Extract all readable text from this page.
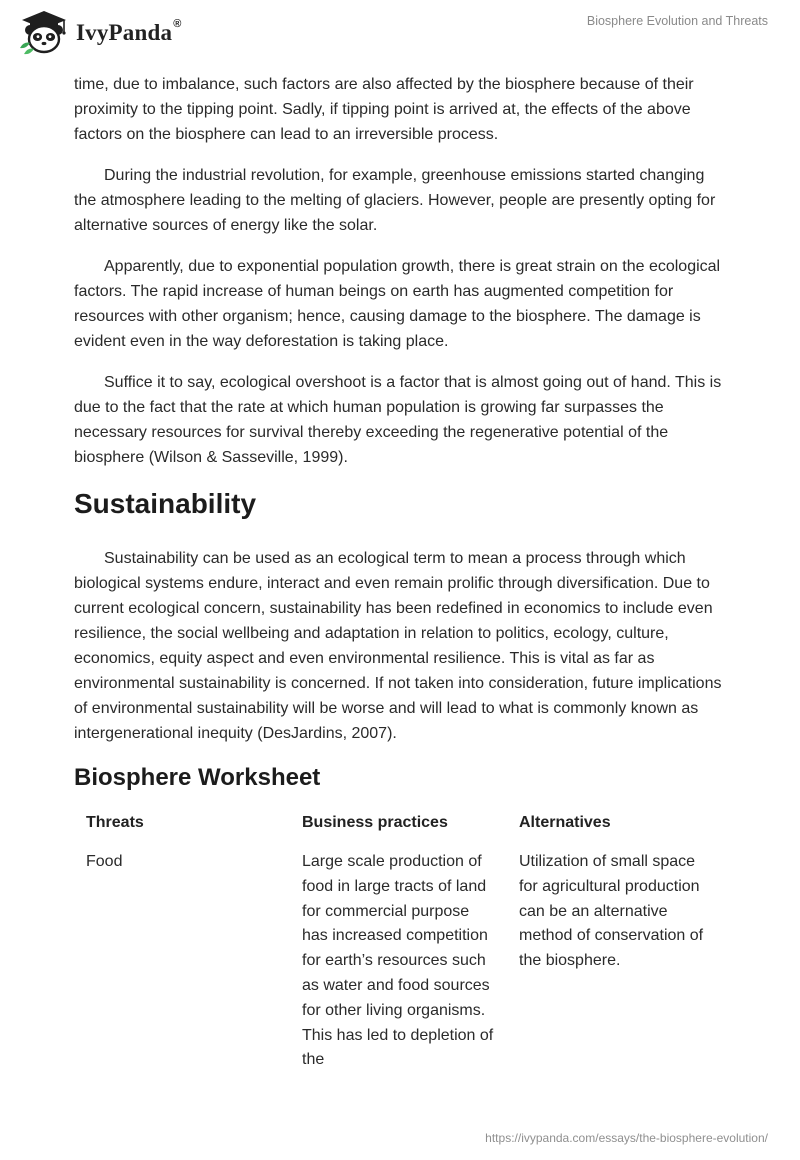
IvyPanda®	Biosphere Evolution and Threats

time, due to imbalance, such factors are also affected by the biosphere because of their proximity to the tipping point. Sadly, if tipping point is arrived at, the effects of the above factors on the biosphere can lead to an irreversible process.

During the industrial revolution, for example, greenhouse emissions started changing the atmosphere leading to the melting of glaciers. However, people are presently opting for alternative sources of energy like the solar.

Apparently, due to exponential population growth, there is great strain on the ecological factors. The rapid increase of human beings on earth has augmented competition for resources with other organism; hence, causing damage to the biosphere. The damage is evident even in the way deforestation is taking place.

Suffice it to say, ecological overshoot is a factor that is almost going out of hand. This is due to the fact that the rate at which human population is growing far surpasses the necessary resources for survival thereby exceeding the regenerative potential of the biosphere (Wilson & Sasseville, 1999).

Sustainability

Sustainability can be used as an ecological term to mean a process through which biological systems endure, interact and even remain prolific through diversification. Due to current ecological concern, sustainability has been redefined in economics to include even resilience, the social wellbeing and adaptation in relation to politics, ecology, culture, economics, equity aspect and even environmental resilience. This is vital as far as environmental sustainability is concerned. If not taken into consideration, future implications of environmental sustainability will be worse and will lead to what is commonly known as intergenerational inequity (DesJardins, 2007).

Biosphere Worksheet
Threats	Business practices	Alternatives
Food	Large scale production of food in large tracts of land for commercial purpose has increased competition for earth’s resources such as water and food sources for other living organisms. This has led to depletion of the	Utilization of small space for agricultural production can be an alternative method of conservation of the biosphere.
https://ivypanda.com/essays/the-biosphere-evolution/
